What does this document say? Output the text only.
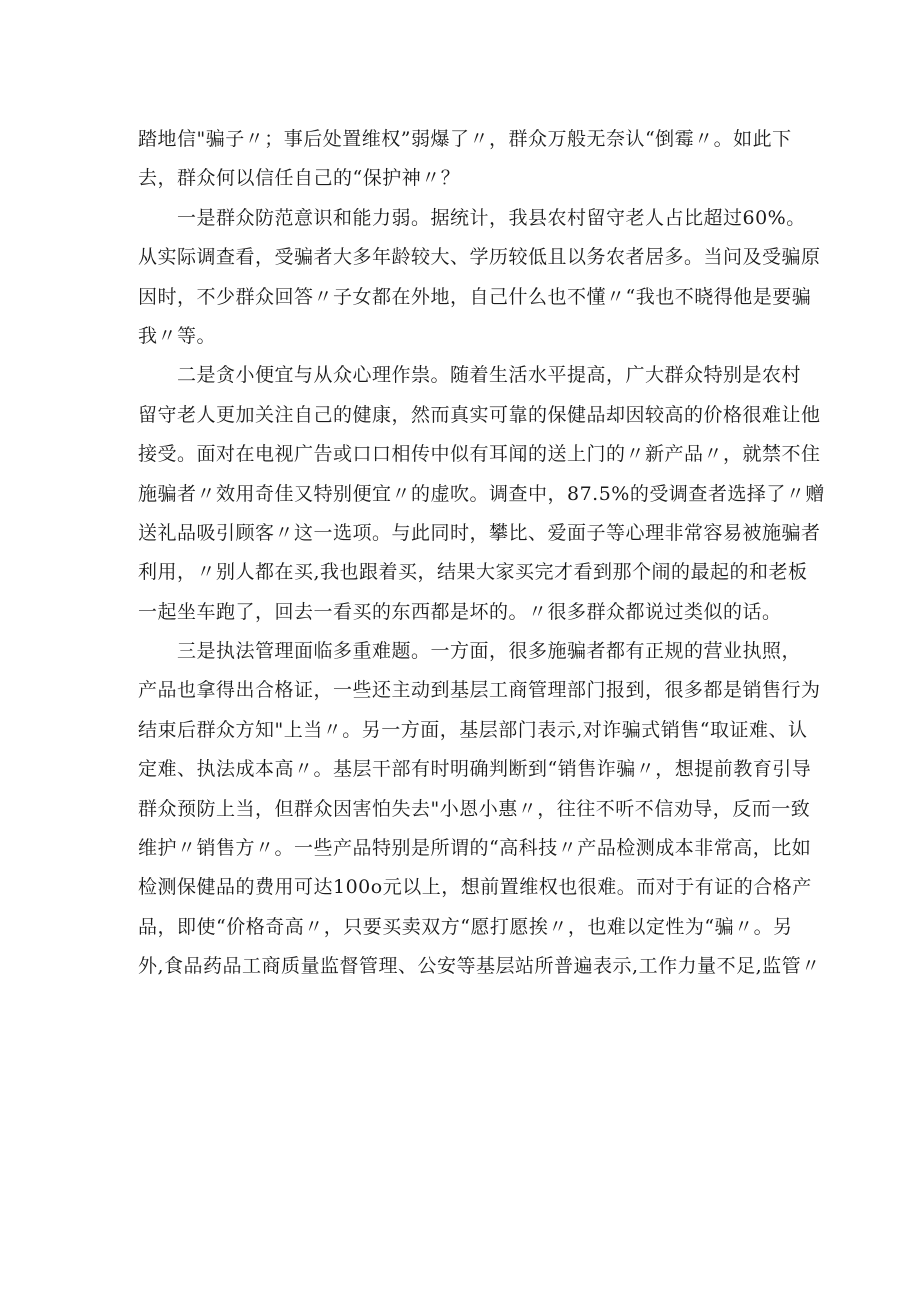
踏地信"骗子〃；事后处置维权”弱爆了〃，群众万般无奈认“倒霉〃。如此下
去，群众何以信任自己的“保护神〃？
　　一是群众防范意识和能力弱。据统计，我县农村留守老人占比超过60%。
从实际调查看，受骗者大多年龄较大、学历较低且以务农者居多。当问及受骗原
因时，不少群众回答〃子女都在外地，自己什么也不懂〃“我也不晓得他是要骗
我〃等。
　　二是贪小便宜与从众心理作祟。随着生活水平提高，广大群众特别是农村
留守老人更加关注自己的健康，然而真实可靠的保健品却因较高的价格很难让他
接受。面对在电视广告或口口相传中似有耳闻的送上门的〃新产品〃，就禁不住
施骗者〃效用奇佳又特别便宜〃的虚吹。调查中，87.5%的受调查者选择了〃赠
送礼品吸引顾客〃这一选项。与此同时，攀比、爱面子等心理非常容易被施骗者
利用，〃别人都在买,我也跟着买，结果大家买完才看到那个闹的最起的和老板
一起坐车跑了，回去一看买的东西都是坏的。〃很多群众都说过类似的话。
　　三是执法管理面临多重难题。一方面，很多施骗者都有正规的营业执照，
产品也拿得出合格证，一些还主动到基层工商管理部门报到，很多都是销售行为
结束后群众方知"上当〃。另一方面，基层部门表示,对诈骗式销售“取证难、认
定难、执法成本高〃。基层干部有时明确判断到“销售诈骗〃，想提前教育引导
群众预防上当，但群众因害怕失去"小恩小惠〃，往往不听不信劝导，反而一致
维护〃销售方〃。一些产品特别是所谓的“高科技〃产品检测成本非常高，比如
检测保健品的费用可达100o元以上，想前置维权也很难。而对于有证的合格产
品，即使“价格奇高〃，只要买卖双方“愿打愿挨〃，也难以定性为“骗〃。另
外,食品药品工商质量监督管理、公安等基层站所普遍表示,工作力量不足,监管〃
